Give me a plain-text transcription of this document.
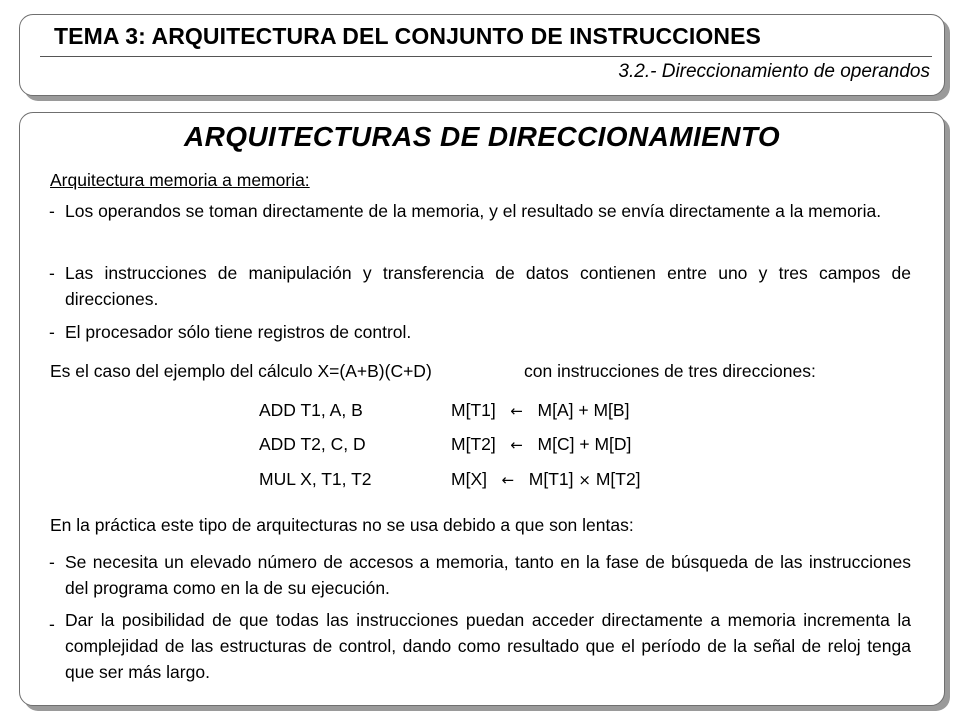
TEMA 3: ARQUITECTURA DEL CONJUNTO DE INSTRUCCIONES
3.2.- Direccionamiento de operandos
ARQUITECTURAS DE DIRECCIONAMIENTO
Arquitectura memoria a memoria:
- Los operandos se toman directamente de la memoria, y el resultado se envía directamente a la memoria.
- Las instrucciones de manipulación y transferencia de datos contienen entre uno y tres campos de direcciones.
- El procesador sólo tiene registros de control.
Es el caso del ejemplo del cálculo X=(A+B)(C+D)	con instrucciones de tres direcciones:
ADD T1, A, B	M[T1] ← M[A] + M[B]
ADD T2, C, D	M[T2] ← M[C] + M[D]
MUL X, T1, T2	M[X] ← M[T1] × M[T2]
En la práctica este tipo de arquitecturas no se usa debido a que son lentas:
- Se necesita un elevado número de accesos a memoria, tanto en la fase de búsqueda de las instrucciones del programa como en la de su ejecución.
- Dar la posibilidad de que todas las instrucciones puedan acceder directamente a memoria incrementa la complejidad de las estructuras de control, dando como resultado que el período de la señal de reloj tenga que ser más largo.
